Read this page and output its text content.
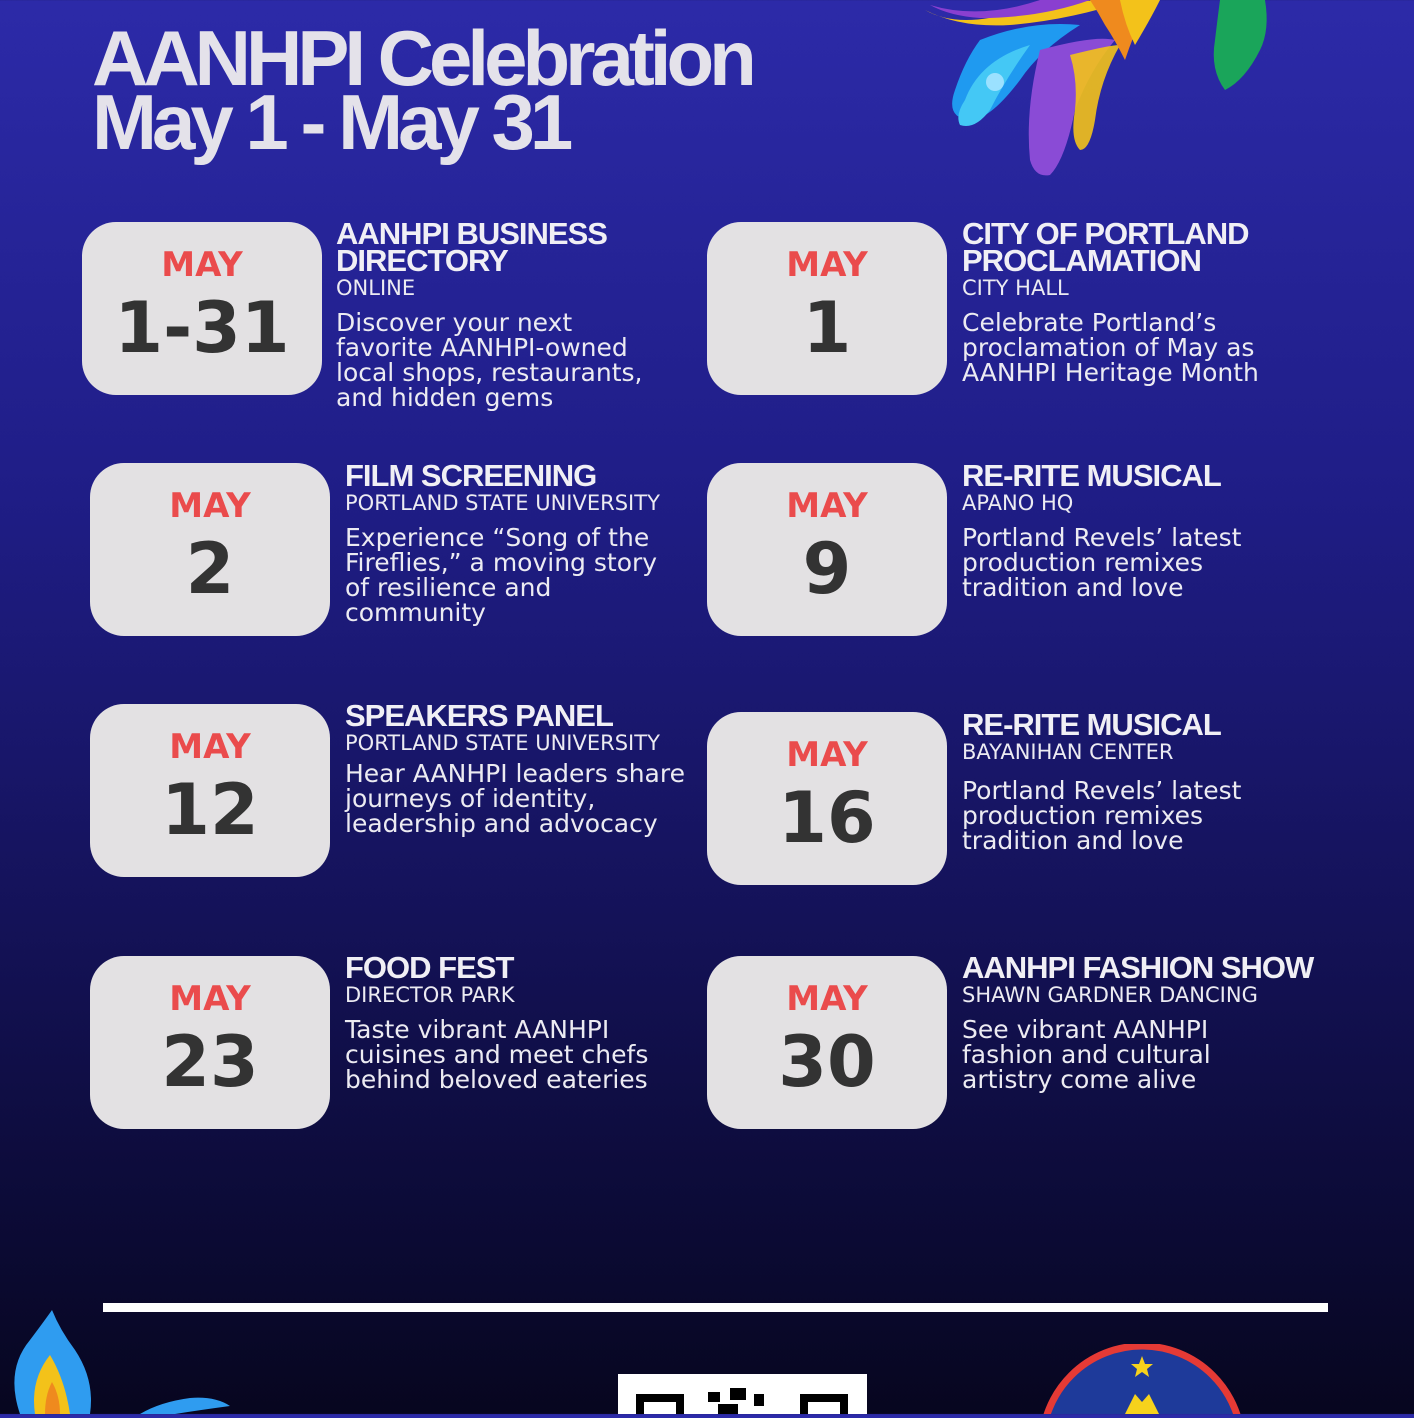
AANHPI Celebration
May 1 - May 31
MAY
1-31

AANHPI BUSINESS DIRECTORY

ONLINE

Discover your next favorite AANHPI-owned local shops, restaurants, and hidden gems

MAY
1

CITY OF PORTLAND PROCLAMATION

CITY HALL

Celebrate Portland’s proclamation of May as AANHPI Heritage Month

MAY
2

FILM SCREENING

PORTLAND STATE UNIVERSITY

Experience “Song of the Fireflies,” a moving story of resilience and community

MAY
9

RE-RITE MUSICAL

APANO HQ

Portland Revels’ latest production remixes tradition and love

MAY
12

SPEAKERS PANEL

PORTLAND STATE UNIVERSITY

Hear AANHPI leaders share journeys of identity, leadership and advocacy

MAY
16

RE-RITE MUSICAL

BAYANIHAN CENTER

Portland Revels’ latest production remixes tradition and love

MAY
23

FOOD FEST

DIRECTOR PARK

Taste vibrant AANHPI cuisines and meet chefs behind beloved eateries

MAY
30

AANHPI FASHION SHOW

SHAWN GARDNER DANCING

See vibrant AANHPI fashion and cultural artistry come alive
